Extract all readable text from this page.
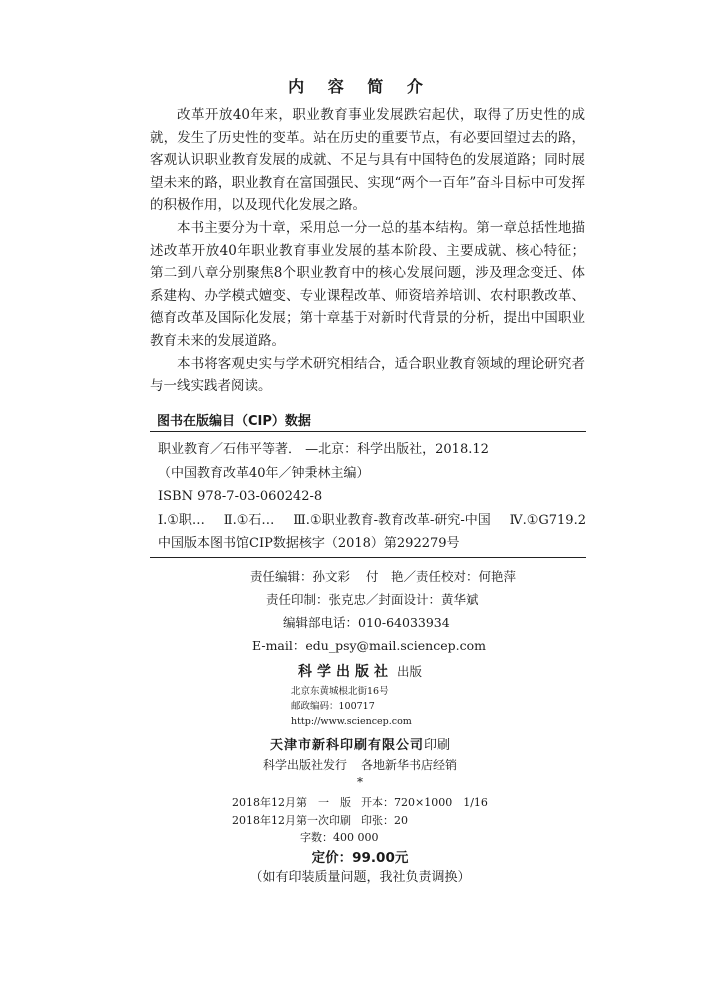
内 容 简 介

改革开放40年来，职业教育事业发展跌宕起伏，取得了历史性的成就，发生了历史性的变革。站在历史的重要节点，有必要回望过去的路，客观认识职业教育发展的成就、不足与具有中国特色的发展道路；同时展望未来的路，职业教育在富国强民、实现“两个一百年”奋斗目标中可发挥的积极作用，以及现代化发展之路。

本书主要分为十章，采用总一分一总的基本结构。第一章总括性地描述改革开放40年职业教育事业发展的基本阶段、主要成就、核心特征；第二到八章分别聚焦8个职业教育中的核心发展问题，涉及理念变迁、体系建构、办学模式嬗变、专业课程改革、师资培养培训、农村职教改革、德育改革及国际化发展；第十章基于对新时代背景的分析，提出中国职业教育未来的发展道路。

本书将客观史实与学术研究相结合，适合职业教育领域的理论研究者与一线实践者阅读。

图书在版编目（CIP）数据
职业教育／石伟平等著． —北京：科学出版社，2018.12
（中国教育改革40年／钟秉林主编）
ISBN 978-7-03-060242-8
Ⅰ.①职… Ⅱ.①石… Ⅲ.①职业教育-教育改革-研究-中国 Ⅳ.①G719.2
中国版本图书馆CIP数据核字（2018）第292279号
责任编辑：孙文彩 付　艳／责任校对：何艳萍
责任印制：张克忠／封面设计：黄华斌
编辑部电话：010-64033934
E-mail：edu_psy@mail.sciencep.com
科学出版社 出版
北京东黄城根北街16号
邮政编码：100717
http://www.sciencep.com
天津市新科印刷有限公司印刷
科学出版社发行 各地新华书店经销
*
2018年12月第　一　版 开本：720×1000　1/16
2018年12月第一次印刷 印张：20
字数：400 000
定价：99.00元
（如有印装质量问题，我社负责调换）
